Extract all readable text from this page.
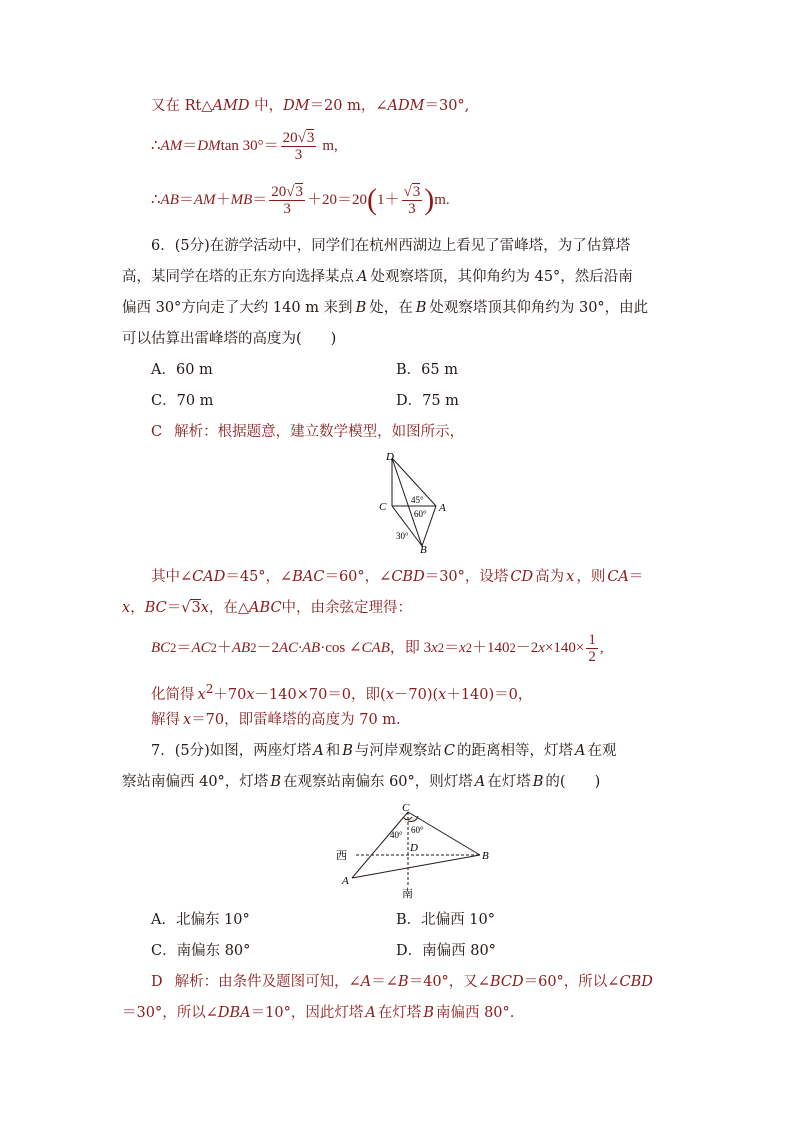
又在 Rt△AMD 中，DM＝20 m，∠ADM＝30°,
∴ AM ＝ DM $\tan 30^\circ= \frac{20√3}{3} m$,
∴ AB ＝ AM ＋ MB ＝ $\frac{20√3}{3} +20=20$ ( $1+ \frac{√3}{3}$ ) m.
6．(5分)在游学活动中，同学们在杭州西湖边上看见了雷峰塔，为了估算塔
高，某同学在塔的正东方向选择某点 A 处观察塔顶，其仰角约为 45°，然后沿南
偏西 30°方向走了大约 140 m 来到 B 处，在 B 处观察塔顶其仰角约为 30°，由此
可以估算出雷峰塔的高度为(　　)
A．60 m	B．65 m
C．70 m	D．75 m
C 解析：根据题意，建立数学模型，如图所示，
D
C	A
B
45°
60°
30°
其中∠CAD＝45°，∠BAC＝60°，∠CBD＝30°，设塔 CD 高为 x ，则 CA＝
x，BC＝√3x，在△ABC中，由余弦定理得：
BC 2 ＝ AC 2 ＋ AB 2 －2 AC·AB ·cos ∠ CAB ，即 3 x 2 ＝ x 2 ＋140 2 －2 $x \times 140\times \frac{1}{2}$ ,
化简得 $x^2+70x-140\times 70=0$，即(x－70)(x＋140)＝0，
解得 x＝70，即雷峰塔的高度为 70 m.
7．(5分)如图，两座灯塔 A 和 B 与河岸观察站 C 的距离相等，灯塔 A 在观
察站南偏西 40°，灯塔 B 在观察站南偏东 60°，则灯塔 A 在灯塔 B 的(　　)
C
D
B
A
西
南
40° 60°
A．北偏东 10°	B．北偏西 10°
C．南偏东 80°	D．南偏西 80°
D 解析：由条件及题图可知，∠A＝∠B＝40°，又∠BCD＝60°，所以∠CBD
＝30°，所以∠DBA＝10°，因此灯塔 A 在灯塔 B 南偏西 80°.
